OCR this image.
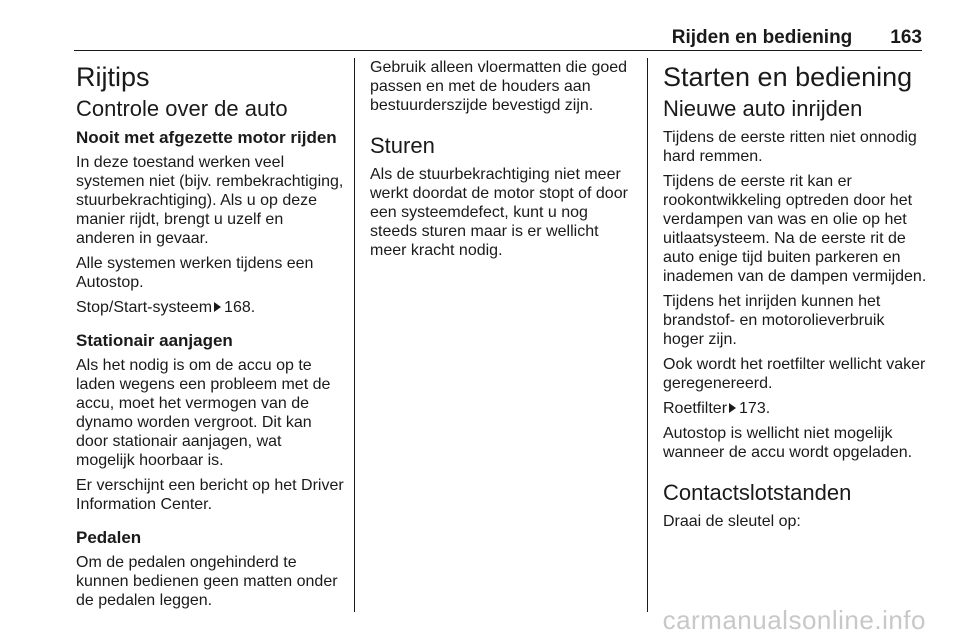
Rijden en bediening 163
Rijtips
Controle over de auto
Nooit met afgezette motor rijden

In deze toestand werken veel systemen niet (bijv. rembekrachtiging, stuurbekrachtiging). Als u op deze manier rijdt, brengt u uzelf en anderen in gevaar.

Alle systemen werken tijdens een Autostop.

Stop/Start-systeem 168.

Stationair aanjagen

Als het nodig is om de accu op te laden wegens een probleem met de accu, moet het vermogen van de dynamo worden vergroot. Dit kan door stationair aanjagen, wat mogelijk hoorbaar is.

Er verschijnt een bericht op het Driver Information Center.

Pedalen

Om de pedalen ongehinderd te kunnen bedienen geen matten onder de pedalen leggen.

Gebruik alleen vloermatten die goed passen en met de houders aan bestuurderszijde bevestigd zijn.

Sturen

Als de stuurbekrachtiging niet meer werkt doordat de motor stopt of door een systeemdefect, kunt u nog steeds sturen maar is er wellicht meer kracht nodig.

Starten en bediening
Nieuwe auto inrijden

Tijdens de eerste ritten niet onnodig hard remmen.

Tijdens de eerste rit kan er rookontwikkeling optreden door het verdampen van was en olie op het uitlaatsysteem. Na de eerste rit de auto enige tijd buiten parkeren en inademen van de dampen vermijden.

Tijdens het inrijden kunnen het brandstof- en motorolieverbruik hoger zijn.

Ook wordt het roetfilter wellicht vaker geregenereerd.

Roetfilter 173.

Autostop is wellicht niet mogelijk wanneer de accu wordt opgeladen.

Contactslotstanden

Draai de sleutel op:

carmanualsonline.info
